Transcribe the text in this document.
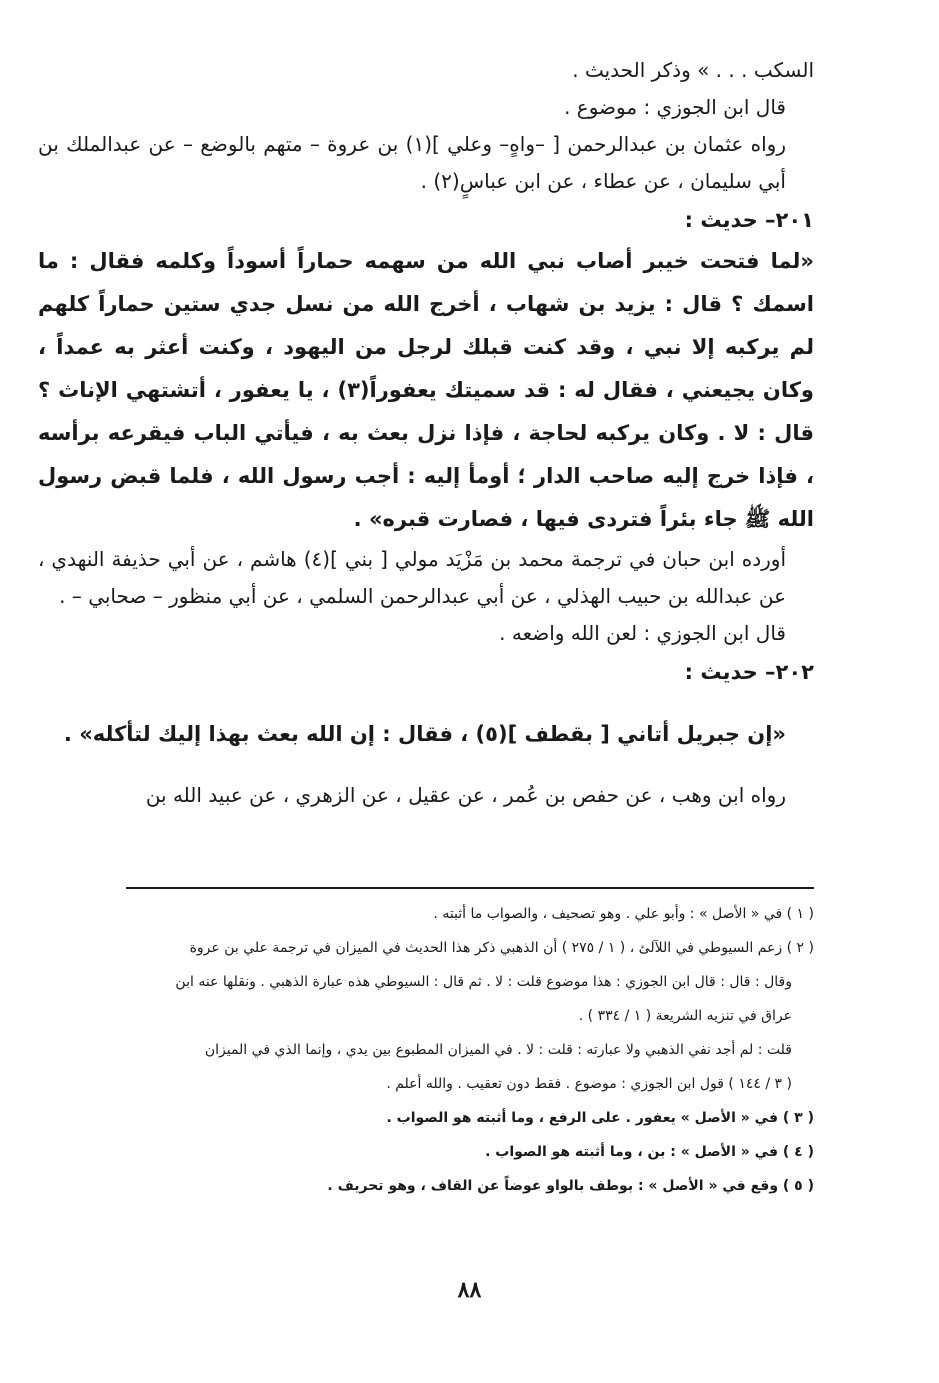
السكب . . . » وذكر الحديث .

قال ابن الجوزي : موضوع .

رواه عثمان بن عبدالرحمن [ –واهٍ– وعلي ](١) بن عروة – متهم بالوضع – عن عبدالملك بن أبي سليمان ، عن عطاء ، عن ابن عباسٍ(٢) .

٢٠١– حديث :

«لما فتحت خيبر أصاب نبي الله من سهمه حماراً أسوداً وكلمه فقال : ما اسمك ؟ قال : يزيد بن شهاب ، أخرج الله من نسل جدي ستين حماراً كلهم لم يركبه إلا نبي ، وقد كنت قبلك لرجل من اليهود ، وكنت أعثر به عمداً ، وكان يجيعني ، فقال له : قد سميتك يعفوراً(٣) ، يا يعفور ، أتشتهي الإناث ؟ قال : لا . وكان يركبه لحاجة ، فإذا نزل بعث به ، فيأتي الباب فيقرعه برأسه ، فإذا خرج إليه صاحب الدار ؛ أومأ إليه : أجب رسول الله ، فلما قبض رسول الله ﷺ جاء بئراً فتردى فيها ، فصارت قبره» .

أورده ابن حبان في ترجمة محمد بن مَزْيَد مولي [ بني ](٤) هاشم ، عن أبي حذيفة النهدي ، عن عبدالله بن حبيب الهذلي ، عن أبي عبدالرحمن السلمي ، عن أبي منظور – صحابي – .

قال ابن الجوزي : لعن الله واضعه .

٢٠٢– حديث :

«إن جبريل أتاني [ بقطف ](٥) ، فقال : إن الله بعث بهذا إليك لتأكله» .

رواه ابن وهب ، عن حفص بن عُمر ، عن عقيل ، عن الزهري ، عن عبيد الله بن

( ١ ) في « الأصل » : وأبو علي . وهو تصحيف ، والصواب ما أثبته .

( ٢ ) زعم السيوطي في اللآلئ ، ( ١ / ٢٧٥ ) أن الذهبي ذكر هذا الحديث في الميزان في ترجمة علي بن عروة
وقال : قال : قال ابن الجوزي : هذا موضوع قلت : لا . ثم قال : السيوطي هذه عبارة الذهبي . ونقلها عنه ابن
عراق في تنزيه الشريعة ( ١ / ٣٣٤ ) .
قلت : لم أجد نفي الذهبي ولا عبارته : قلت : لا . في الميزان المطبوع بين يدي ، وإنما الذي في الميزان
( ٣ / ١٤٤ ) قول ابن الجوزي : موضوع . فقط دون تعقيب . والله أعلم .

( ٣ ) في « الأصل » يعفور . على الرفع ، وما أثبته هو الصواب .

( ٤ ) في « الأصل » : بن ، وما أثبته هو الصواب .

( ٥ ) وقع في « الأصل » : بوطف بالواو عوضاً عن القاف ، وهو تحريف .

٨٨
